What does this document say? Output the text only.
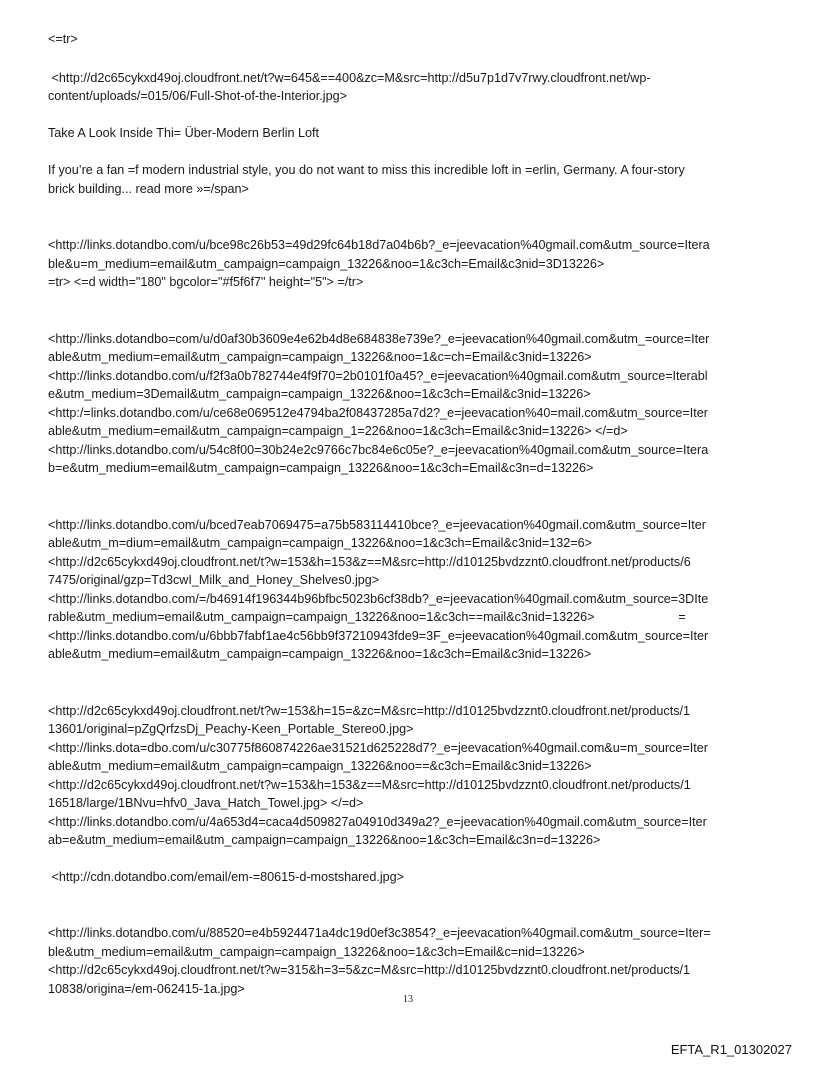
<=tr>

<http://d2c65cykxd49oj.cloudfront.net/t?w=645&==400&zc=M&src=http://d5u7p1d7v7rwy.cloudfront.net/wp-
content/uploads/=015/06/Full-Shot-of-the-Interior.jpg>

Take A Look Inside Thi= Über-Modern Berlin Loft

If you’re a fan =f modern industrial style, you do not want to miss this incredible loft in =erlin, Germany. A four-story
brick building... read more »=/span>

<http://links.dotandbo.com/u/bce98c26b53=49d29fc64b18d7a04b6b?_e=jeevacation%40gmail.com&utm_source=Itera
ble&u=m_medium=email&utm_campaign=campaign_13226&noo=1&c3ch=Email&c3nid=3D13226>
=tr> <=d width="180" bgcolor="#f5f6f7" height="5"> =/tr>

<http://links.dotandbo=com/u/d0af30b3609e4e62b4d8e684838e739e?_e=jeevacation%40gmail.com&utm_=ource=Iter
able&utm_medium=email&utm_campaign=campaign_13226&noo=1&c=ch=Email&c3nid=13226>
<http://links.dotandbo.com/u/f2f3a0b782744e4f9f70=2b0101f0a45?_e=jeevacation%40gmail.com&utm_source=Iterabl
e&utm_medium=3Demail&utm_campaign=campaign_13226&noo=1&c3ch=Email&c3nid=13226>
<http:/=links.dotandbo.com/u/ce68e069512e4794ba2f08437285a7d2?_e=jeevacation%40=mail.com&utm_source=Iter
able&utm_medium=email&utm_campaign=campaign_1=226&noo=1&c3ch=Email&c3nid=13226> </=d>
<http://links.dotandbo.com/u/54c8f00=30b24e2c9766c7bc84e6c05e?_e=jeevacation%40gmail.com&utm_source=Itera
b=e&utm_medium=email&utm_campaign=campaign_13226&noo=1&c3ch=Email&c3n=d=13226>

<http://links.dotandbo.com/u/bced7eab7069475=a75b583114410bce?_e=jeevacation%40gmail.com&utm_source=Iter
able&utm_m=dium=email&utm_campaign=campaign_13226&noo=1&c3ch=Email&c3nid=132=6>
<http://d2c65cykxd49oj.cloudfront.net/t?w=153&h=153&z==M&src=http://d10125bvdzznt0.cloudfront.net/products/6
7475/original/gzp=Td3cwI_Milk_and_Honey_Shelves0.jpg>
<http://links.dotandbo.com/=/b46914f196344b96bfbc5023b6cf38db?_e=jeevacation%40gmail.com&utm_source=3DIte
rable&utm_medium=email&utm_campaign=campaign_13226&noo=1&c3ch==mail&c3nid=13226>                        =
<http://links.dotandbo.com/u/6bbb7fabf1ae4c56bb9f37210943fde9=3F_e=jeevacation%40gmail.com&utm_source=Iter
able&utm_medium=email&utm_campaign=campaign_13226&noo=1&c3ch=Email&c3nid=13226>

<http://d2c65cykxd49oj.cloudfront.net/t?w=153&h=15=&zc=M&src=http://d10125bvdzznt0.cloudfront.net/products/1
13601/original=pZgQrfzsDj_Peachy-Keen_Portable_Stereo0.jpg>
<http://links.dota=dbo.com/u/c30775f860874226ae31521d625228d7?_e=jeevacation%40gmail.com&u=m_source=Iter
able&utm_medium=email&utm_campaign=campaign_13226&noo==&c3ch=Email&c3nid=13226>
<http://d2c65cykxd49oj.cloudfront.net/t?w=153&h=153&z==M&src=http://d10125bvdzznt0.cloudfront.net/products/1
16518/large/1BNvu=hfv0_Java_Hatch_Towel.jpg> </=d>
<http://links.dotandbo.com/u/4a653d4=caca4d509827a04910d349a2?_e=jeevacation%40gmail.com&utm_source=Iter
ab=e&utm_medium=email&utm_campaign=campaign_13226&noo=1&c3ch=Email&c3n=d=13226>

<http://cdn.dotandbo.com/email/em-=80615-d-mostshared.jpg>

<http://links.dotandbo.com/u/88520=e4b5924471a4dc19d0ef3c3854?_e=jeevacation%40gmail.com&utm_source=Iter=
ble&utm_medium=email&utm_campaign=campaign_13226&noo=1&c3ch=Email&c=nid=13226>
<http://d2c65cykxd49oj.cloudfront.net/t?w=315&h=3=5&zc=M&src=http://d10125bvdzznt0.cloudfront.net/products/1
10838/origina=/em-062415-1a.jpg>

13
EFTA_R1_01302027
